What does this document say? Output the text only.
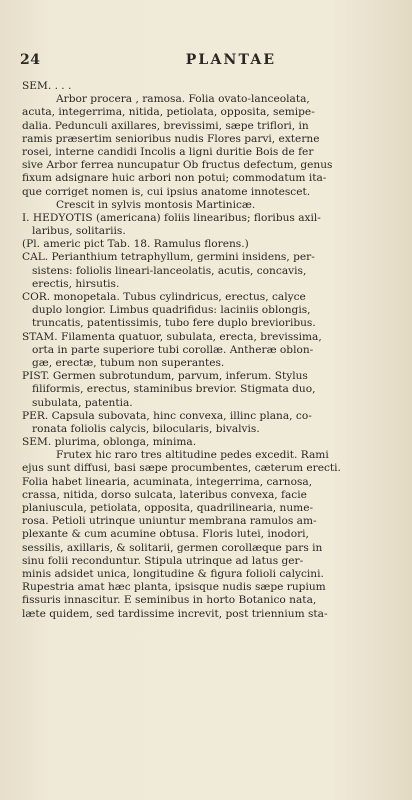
24	PLANTAE
SEM. . . .
Arbor procera , ramosa. Folia ovato-lanceolata,
acuta, integerrima, nitida, petiolata, opposita, semipe-
dalia. Pedunculi axillares, brevissimi, sæpe triflori, in
ramis præsertim senioribus nudis Flores parvi, externe
rosei, interne candidi Incolis a ligni duritie Bois de fer
sive Arbor ferrea nuncupatur Ob fructus defectum, genus
fixum adsignare huic arbori non potui; commodatum ita-
que corriget nomen is, cui ipsius anatome innotescet.
Crescit in sylvis montosis Martinicæ.
I. HEDYOTIS (americana) foliis linearibus; floribus axil-
laribus, solitariis.
(Pl. americ pict Tab. 18. Ramulus florens.)
CAL. Perianthium tetraphyllum, germini insidens, per-
sistens: foliolis lineari-lanceolatis, acutis, concavis,
erectis, hirsutis.
COR. monopetala. Tubus cylindricus, erectus, calyce
duplo longior. Limbus quadrifidus: laciniis oblongis,
truncatis, patentissimis, tubo fere duplo brevioribus.
STAM. Filamenta quatuor, subulata, erecta, brevissima,
orta in parte superiore tubi corollæ. Antheræ oblon-
gæ, erectæ, tubum non superantes.
PIST. Germen subrotundum, parvum, inferum. Stylus
filiformis, erectus, staminibus brevior. Stigmata duo,
subulata, patentia.
PER. Capsula subovata, hinc convexa, illinc plana, co-
ronata foliolis calycis, bilocularis, bivalvis.
SEM. plurima, oblonga, minima.
Frutex hic raro tres altitudine pedes excedit. Rami
ejus sunt diffusi, basi sæpe procumbentes, cæterum erecti.
Folia habet linearia, acuminata, integerrima, carnosa,
crassa, nitida, dorso sulcata, lateribus convexa, facie
planiuscula, petiolata, opposita, quadrilinearia, nume-
rosa. Petioli utrinque uniuntur membrana ramulos am-
plexante & cum acumine obtusa. Floris lutei, inodori,
sessilis, axillaris, & solitarii, germen corollæque pars in
sinu folii reconduntur. Stipula utrinque ad latus ger-
minis adsidet unica, longitudine & figura folioli calycini.
Rupestria amat hæc planta, ipsisque nudis sæpe rupium
fissuris innascitur. E seminibus in horto Botanico nata,
læte quidem, sed tardissime increvit, post triennium sta-
